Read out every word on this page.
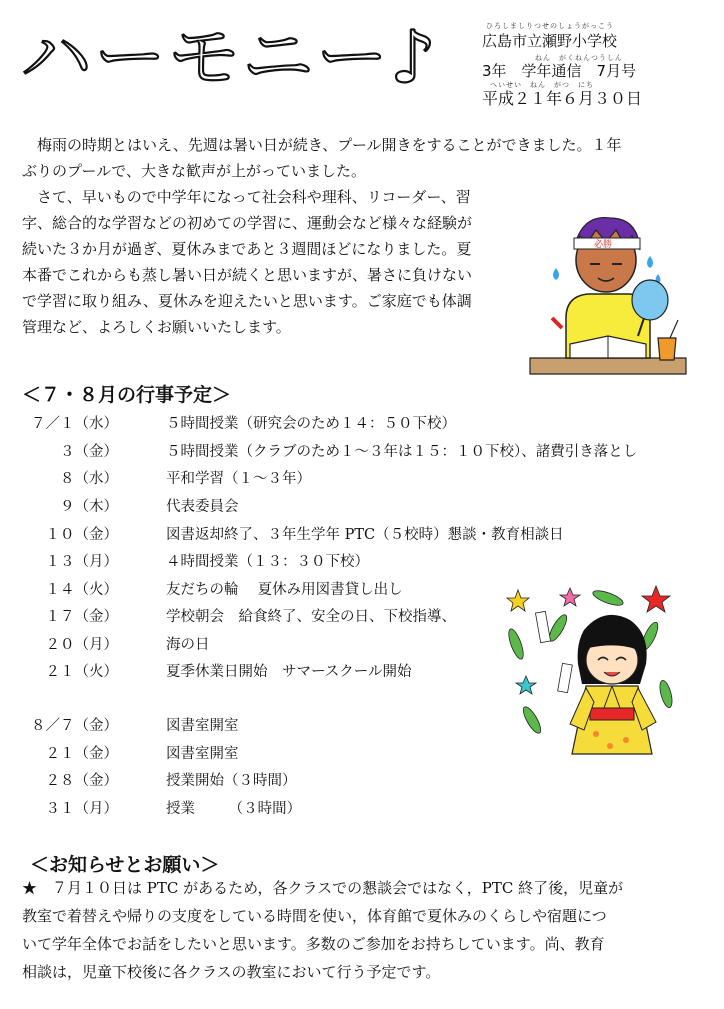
ハーモニー♪	ひろしましりつせのしょうがっこう
広島市立瀬野小学校
ねん　がくねんつうしん
3年　学年通信　7月号
へいせい　ねん　がつ　にち
平成２１年６月３０日
　梅雨の時期とはいえ、先週は暑い日が続き、プール開きをすることができました。１年
ぶりのプールで、大きな歓声が上がっていました。
　さて、早いもので中学年になって社会科や理科、リコーダー、習
字、総合的な学習などの初めての学習に、運動会など様々な経験が
続いた３か月が過ぎ、夏休みまであと３週間ほどになりました。夏
本番でこれからも蒸し暑い日が続くと思いますが、暑さに負けない
で学習に取り組み、夏休みを迎えたいと思います。ご家庭でも体調
管理など、よろしくお願いいたします。
必勝
＜７・８月の行事予定＞
７／１（水）	５時間授業（研究会のため１４：５０下校）
３（金）	５時間授業（クラブのため１～３年は１５：１０下校）、諸費引き落とし
８（水）	平和学習（１～３年）
９（木）	代表委員会
１０（金）	図書返却終了、３年生学年 PTC（５校時）懇談・教育相談日
１３（月）	４時間授業（１３：３０下校）
１４（火）	友だちの輪　 夏休み用図書貸し出し
１７（金）	学校朝会　給食終了、安全の日、下校指導、
２０（月）	海の日
２１（火）	夏季休業日開始　サマースクール開始
８／７（金）	図書室開室
２１（金）	図書室開室
２８（金）	授業開始（３時間）
３１（月）	授業　　 （３時間）
＜お知らせとお願い＞
★　７月１０日は PTC があるため，各クラスでの懇談会ではなく，PTC 終了後，児童が
教室で着替えや帰りの支度をしている時間を使い，体育館で夏休みのくらしや宿題につ
いて学年全体でお話をしたいと思います。多数のご参加をお持ちしています。尚、教育
相談は，児童下校後に各クラスの教室において行う予定です。
